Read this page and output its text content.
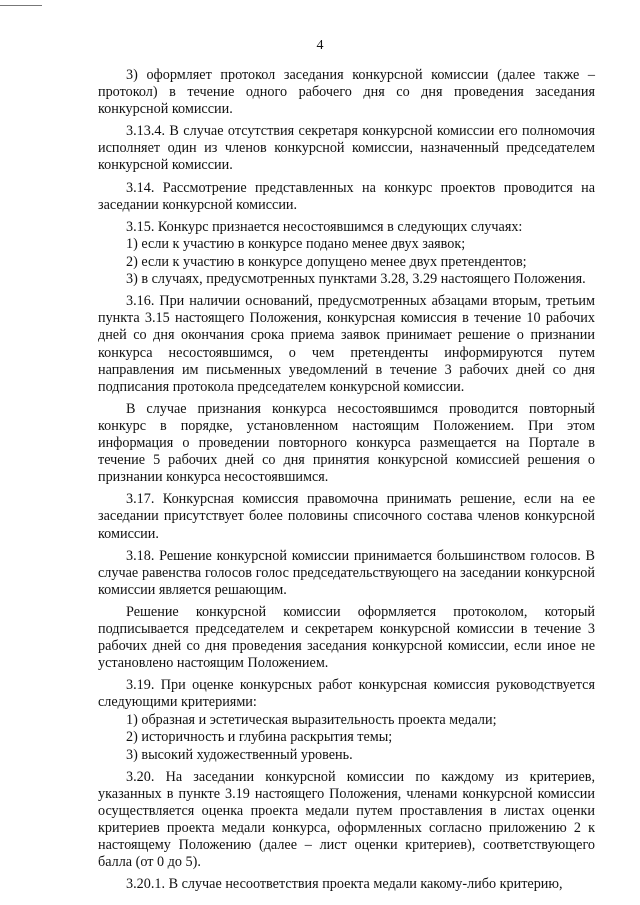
4

3) оформляет протокол заседания конкурсной комиссии (далее также – протокол) в течение одного рабочего дня со дня проведения заседания конкурсной комиссии.

3.13.4. В случае отсутствия секретаря конкурсной комиссии его полномочия исполняет один из членов конкурсной комиссии, назначенный председателем конкурсной комиссии.

3.14. Рассмотрение представленных на конкурс проектов проводится на заседании конкурсной комиссии.

3.15. Конкурс признается несостоявшимся в следующих случаях:

1) если к участию в конкурсе подано менее двух заявок;

2) если к участию в конкурсе допущено менее двух претендентов;

3) в случаях, предусмотренных пунктами 3.28, 3.29 настоящего Положения.

3.16. При наличии оснований, предусмотренных абзацами вторым, третьим пункта 3.15 настоящего Положения, конкурсная комиссия в течение 10 рабочих дней со дня окончания срока приема заявок принимает решение о признании конкурса несостоявшимся, о чем претенденты информируются путем направления им письменных уведомлений в течение 3 рабочих дней со дня подписания протокола председателем конкурсной комиссии.

В случае признания конкурса несостоявшимся проводится повторный конкурс в порядке, установленном настоящим Положением. При этом информация о проведении повторного конкурса размещается на Портале в течение 5 рабочих дней со дня принятия конкурсной комиссией решения о признании конкурса несостоявшимся.

3.17. Конкурсная комиссия правомочна принимать решение, если на ее заседании присутствует более половины списочного состава членов конкурсной комиссии.

3.18. Решение конкурсной комиссии принимается большинством голосов. В случае равенства голосов голос председательствующего на заседании конкурсной комиссии является решающим.

Решение конкурсной комиссии оформляется протоколом, который подписывается председателем и секретарем конкурсной комиссии в течение 3 рабочих дней со дня проведения заседания конкурсной комиссии, если иное не установлено настоящим Положением.

3.19. При оценке конкурсных работ конкурсная комиссия руководствуется следующими критериями:

1) образная и эстетическая выразительность проекта медали;

2) историчность и глубина раскрытия темы;

3) высокий художественный уровень.

3.20. На заседании конкурсной комиссии по каждому из критериев, указанных в пункте 3.19 настоящего Положения, членами конкурсной комиссии осуществляется оценка проекта медали путем проставления в листах оценки критериев проекта медали конкурса, оформленных согласно приложению 2 к настоящему Положению (далее – лист оценки критериев), соответствующего балла (от 0 до 5).

3.20.1. В случае несоответствия проекта медали какому-либо критерию,
